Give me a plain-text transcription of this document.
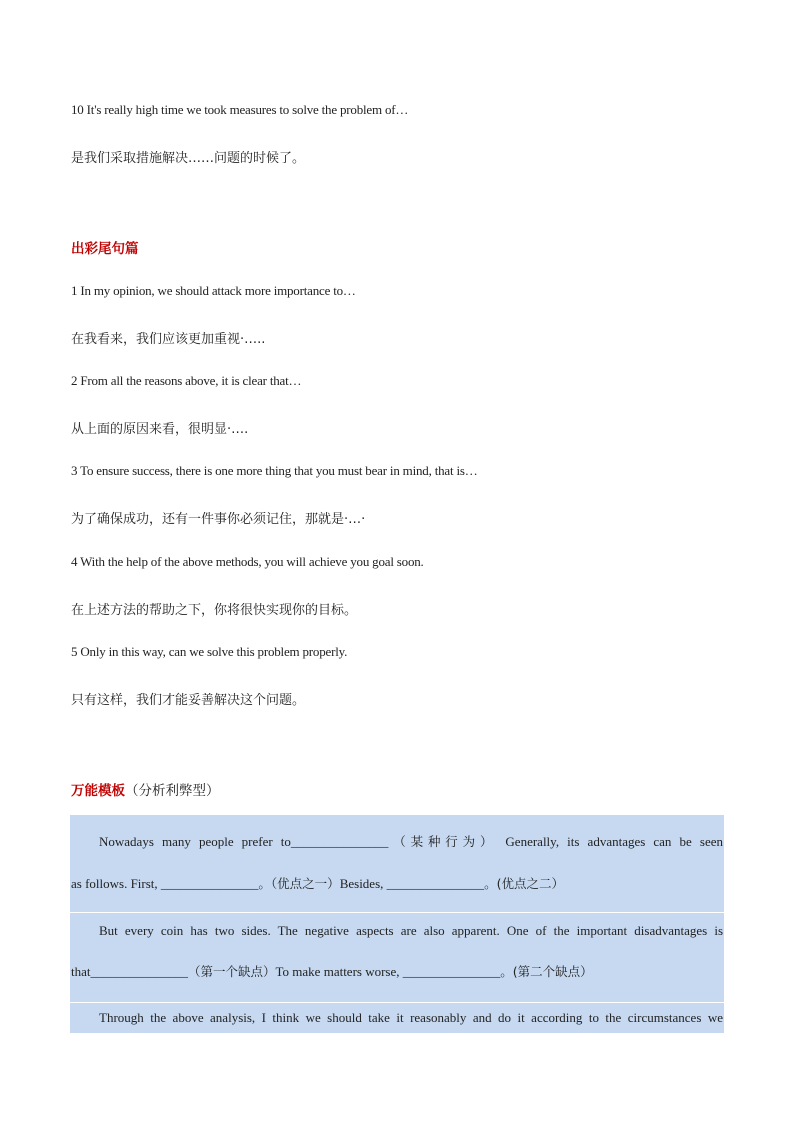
10 It's really high time we took measures to solve the problem of…
是我们采取措施解决……问题的时候了。
出彩尾句篇
1 In my opinion, we should attack more importance to…
在我看来，我们应该更加重视·…..
2 From all the reasons above, it is clear that…
从上面的原因来看，很明显·….
3 To ensure success, there is one more thing that you must bear in mind, that is…
为了确保成功，还有一件事你必须记住，那就是·…·
4 With the help of the above methods, you will achieve you goal soon.
在上述方法的帮助之下，你将很快实现你的目标。
5 Only in this way, can we solve this problem properly.
只有这样，我们才能妥善解决这个问题。
万能模板（分析利弊型）
Nowadays many people prefer to_______________（某种行为） Generally, its advantages can be seen
as follows. First, _______________。（优点之一）Besides, _______________。(优点之二）
But every coin has two sides. The negative aspects are also apparent. One of the important disadvantages is
that_______________（第一个缺点）To make matters worse, _______________。(第二个缺点）
Through the above analysis, I think we should take it reasonably and do it according to the circumstances we
